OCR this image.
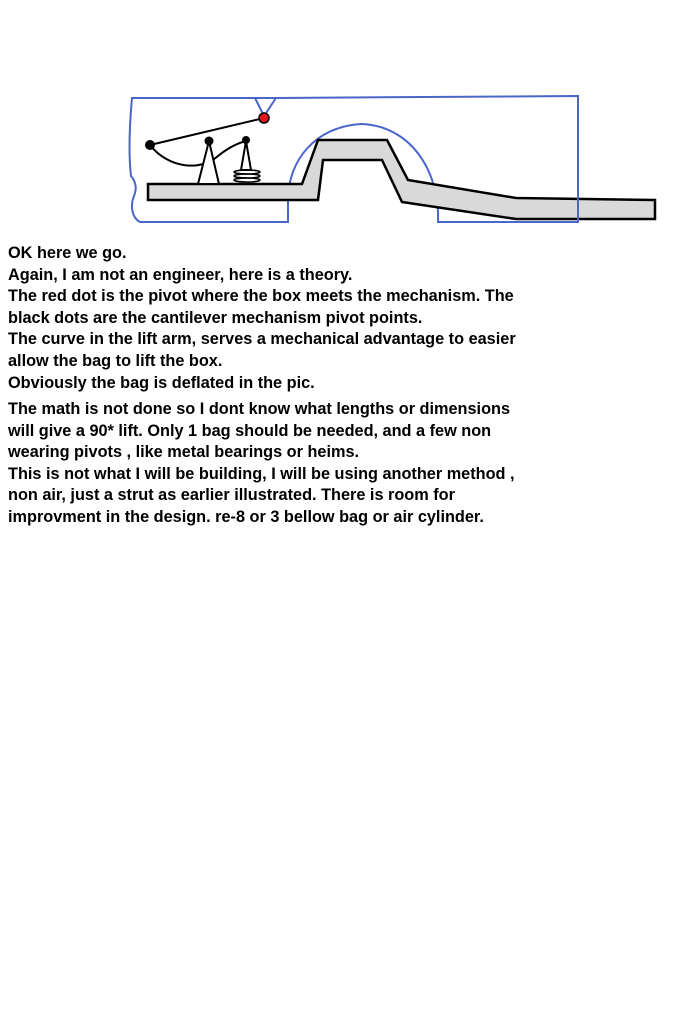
OK here we go.
Again, I am not an engineer, here is a theory.
The red dot is the pivot where the box meets the mechanism. The
black dots are the cantilever mechanism pivot points.
The curve in the lift arm, serves a mechanical advantage to easier
allow the bag to lift the box.
Obviously the bag is deflated in the pic.
The math is not done so I dont know what lengths or dimensions
will give a 90* lift. Only 1 bag should be needed, and a few non
wearing pivots , like metal bearings or heims.
This is not what I will be building, I will be using another method ,
non air, just a strut as earlier illustrated. There is room for
improvment in the design. re-8 or 3 bellow bag or air cylinder.
